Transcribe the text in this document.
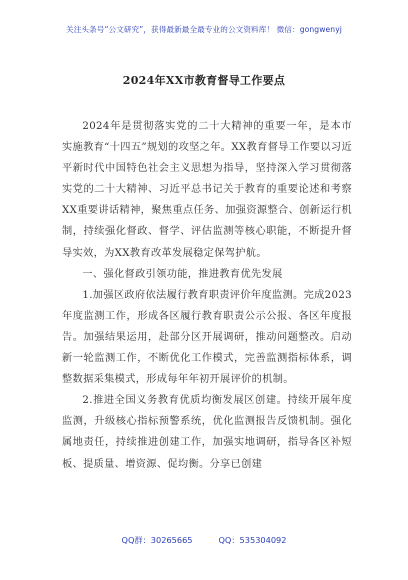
关注头条号“公文研究”，获得最新最全最专业的公文资料库！ 微信：gongwenyj
2024年XX市教育督导工作要点

2024年是贯彻落实党的二十大精神的重要一年，是本市实施教育“十四五”规划的攻坚之年。XX教育督导工作要以习近平新时代中国特色社会主义思想为指导，坚持深入学习贯彻落实党的二十大精神、习近平总书记关于教育的重要论述和考察XX重要讲话精神，聚焦重点任务、加强资源整合、创新运行机制，持续强化督政、督学、评估监测等核心职能，不断提升督导实效，为XX教育改革发展稳定保驾护航。

一、强化督政引领功能，推进教育优先发展

1.加强区政府依法履行教育职责评价年度监测。完成2023年度监测工作，形成各区履行教育职责公示公报、各区年度报告。加强结果运用，赴部分区开展调研，推动问题整改。启动新一轮监测工作，不断优化工作模式，完善监测指标体系，调整数据采集模式，形成每年年初开展评价的机制。

2.推进全国义务教育优质均衡发展区创建。持续开展年度监测，升级核心指标预警系统，优化监测报告反馈机制。强化属地责任，持续推进创建工作，加强实地调研，指导各区补短板、提质量、增资源、促均衡。分享已创建

QQ群：30265665	QQ：535304092
